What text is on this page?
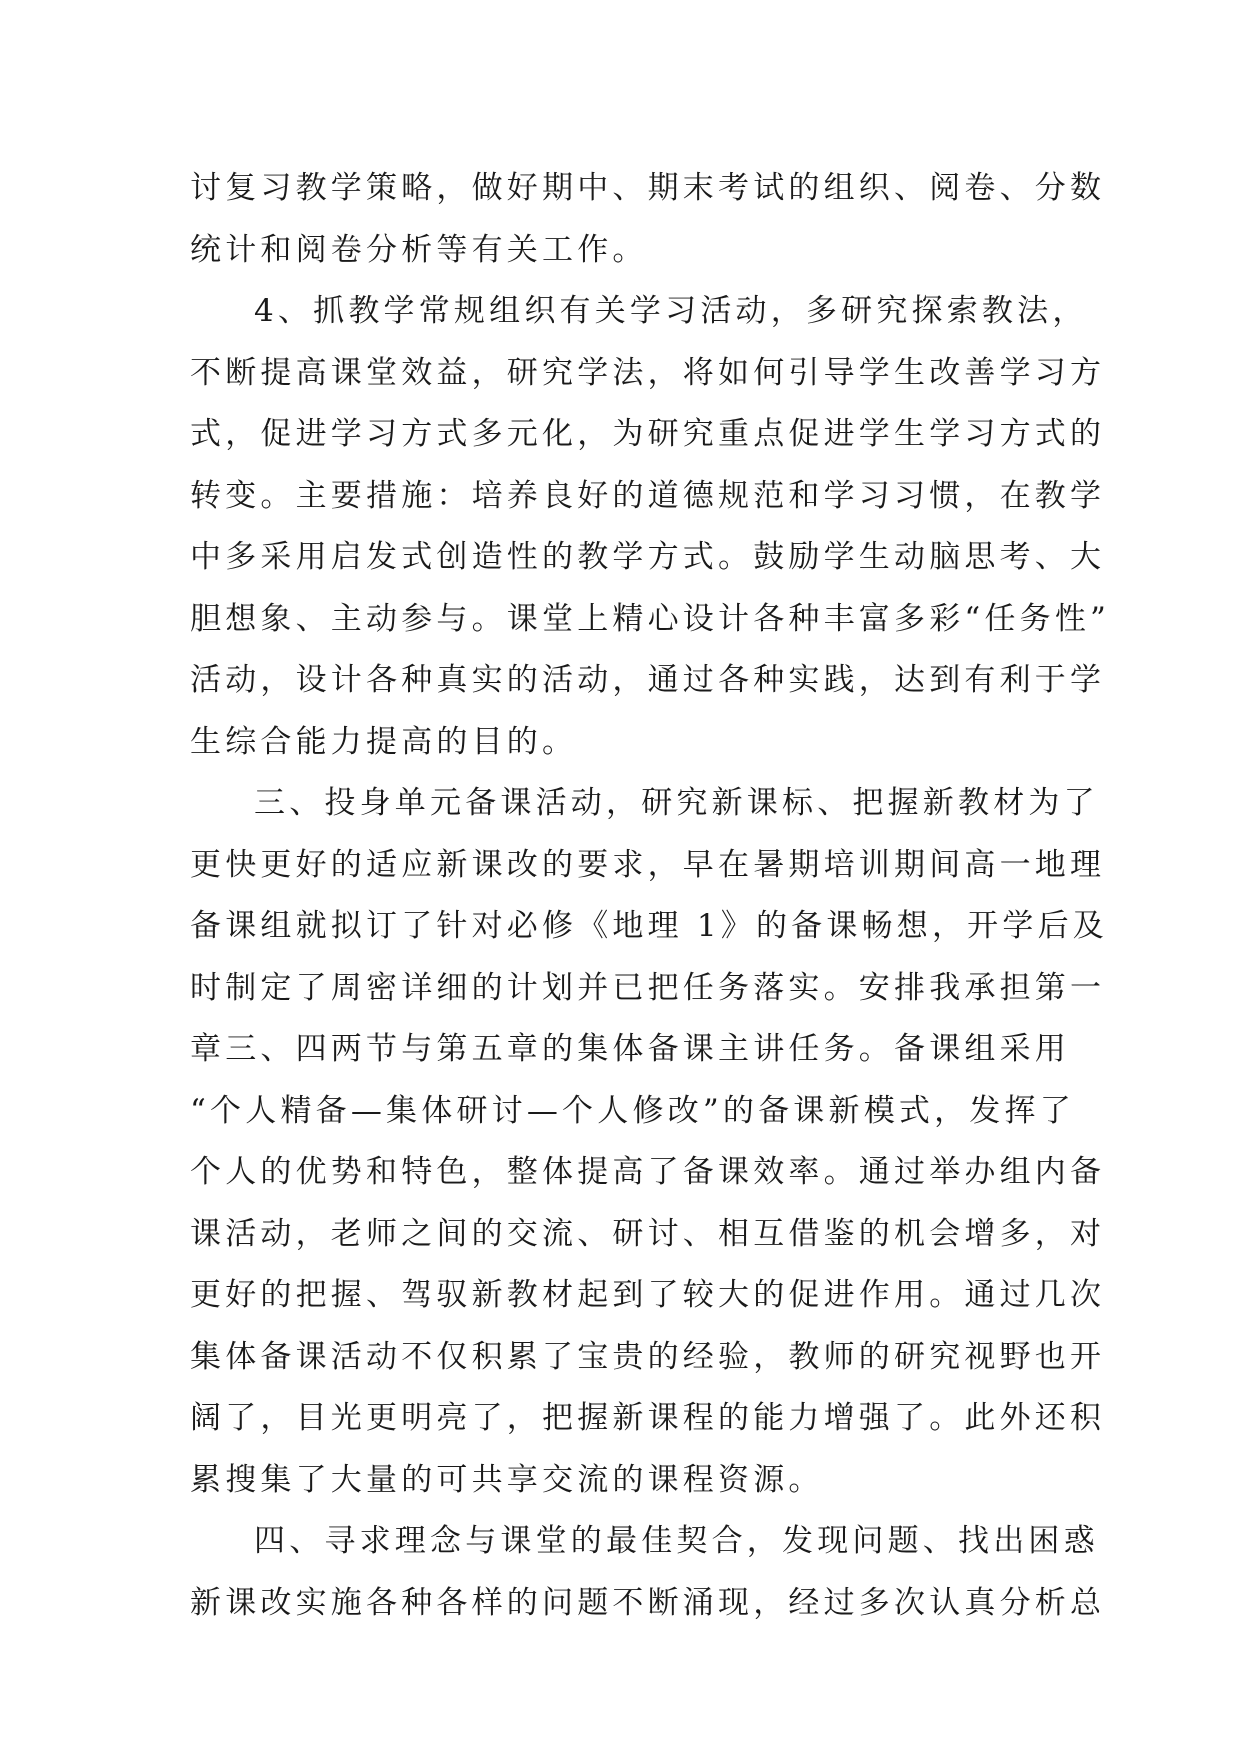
讨复习教学策略，做好期中、期末考试的组织、阅卷、分数
统计和阅卷分析等有关工作。
4、抓教学常规组织有关学习活动，多研究探索教法，
不断提高课堂效益，研究学法，将如何引导学生改善学习方
式，促进学习方式多元化，为研究重点促进学生学习方式的
转变。主要措施：培养良好的道德规范和学习习惯，在教学
中多采用启发式创造性的教学方式。鼓励学生动脑思考、大
胆想象、主动参与。课堂上精心设计各种丰富多彩“任务性”
活动，设计各种真实的活动，通过各种实践，达到有利于学
生综合能力提高的目的。
三、投身单元备课活动，研究新课标、把握新教材为了
更快更好的适应新课改的要求，早在暑期培训期间高一地理
备课组就拟订了针对必修《地理 1》的备课畅想，开学后及
时制定了周密详细的计划并已把任务落实。安排我承担第一
章三、四两节与第五章的集体备课主讲任务。备课组采用
“个人精备—集体研讨—个人修改”的备课新模式，发挥了
个人的优势和特色，整体提高了备课效率。通过举办组内备
课活动，老师之间的交流、研讨、相互借鉴的机会增多，对
更好的把握、驾驭新教材起到了较大的促进作用。通过几次
集体备课活动不仅积累了宝贵的经验，教师的研究视野也开
阔了，目光更明亮了，把握新课程的能力增强了。此外还积
累搜集了大量的可共享交流的课程资源。
四、寻求理念与课堂的最佳契合，发现问题、找出困惑
新课改实施各种各样的问题不断涌现，经过多次认真分析总
